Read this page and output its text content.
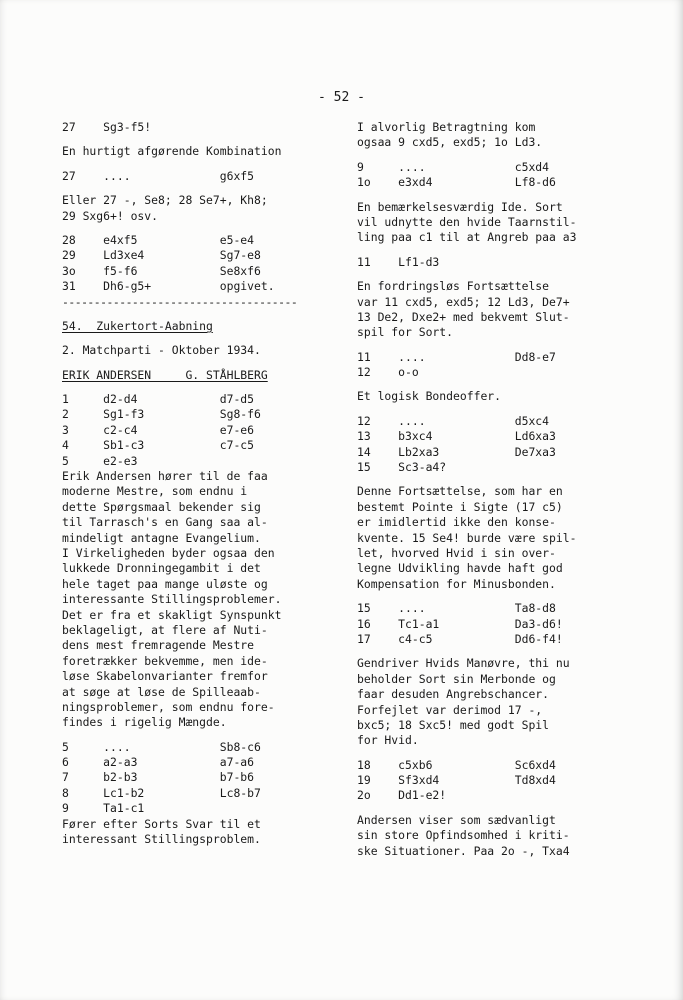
- 52 -
27    Sg3-f5!
En hurtigt afgørende Kombination
27    ....             g6xf5
Eller 27 -, Se8; 28 Se7+, Kh8;
29 Sxg6+! osv.
28    e4xf5            e5-e4
29    Ld3xe4           Sg7-e8
3o    f5-f6            Se8xf6
31    Dh6-g5+          opgivet.
-------------------------------------
54.  Zukertort-Aabning
2. Matchparti - Oktober 1934.
ERIK ANDERSEN     G. STÅHLBERG
1     d2-d4            d7-d5
2     Sg1-f3           Sg8-f6
3     c2-c4            e7-e6
4     Sb1-c3           c7-c5
5     e2-e3
Erik Andersen hører til de faa
moderne Mestre, som endnu i
dette Spørgsmaal bekender sig
til Tarrasch's en Gang saa al-
mindeligt antagne Evangelium.
I Virkeligheden byder ogsaa den
lukkede Dronningegambit i det
hele taget paa mange uløste og
interessante Stillingsproblemer.
Det er fra et skakligt Synspunkt
beklageligt, at flere af Nuti-
dens mest fremragende Mestre
foretrækker bekvemme, men ide-
løse Skabelonvarianter fremfor
at søge at løse de Spilleaab-
ningsproblemer, som endnu fore-
findes i rigelig Mængde.
5     ....             Sb8-c6
6     a2-a3            a7-a6
7     b2-b3            b7-b6
8     Lc1-b2           Lc8-b7
9     Ta1-c1
Fører efter Sorts Svar til et
interessant Stillingsproblem.
I alvorlig Betragtning kom
ogsaa 9 cxd5, exd5; 1o Ld3.
9     ....             c5xd4
1o    e3xd4            Lf8-d6
En bemærkelsesværdig Ide. Sort
vil udnytte den hvide Taarnstil-
ling paa c1 til at Angreb paa a3
11    Lf1-d3
En fordringsløs Fortsættelse
var 11 cxd5, exd5; 12 Ld3, De7+
13 De2, Dxe2+ med bekvemt Slut-
spil for Sort.
11    ....             Dd8-e7
12    o-o
Et logisk Bondeoffer.
12    ....             d5xc4
13    b3xc4            Ld6xa3
14    Lb2xa3           De7xa3
15    Sc3-a4?
Denne Fortsættelse, som har en
bestemt Pointe i Sigte (17 c5)
er imidlertid ikke den konse-
kvente. 15 Se4! burde være spil-
let, hvorved Hvid i sin over-
legne Udvikling havde haft god
Kompensation for Minusbonden.
15    ....             Ta8-d8
16    Tc1-a1           Da3-d6!
17    c4-c5            Dd6-f4!
Gendriver Hvids Manøvre, thi nu
beholder Sort sin Merbonde og
faar desuden Angrebschancer.
Forfejlet var derimod 17 -,
bxc5; 18 Sxc5! med godt Spil
for Hvid.
18    c5xb6            Sc6xd4
19    Sf3xd4           Td8xd4
2o    Dd1-e2!
Andersen viser som sædvanligt
sin store Opfindsomhed i kriti-
ske Situationer. Paa 2o -, Txa4
